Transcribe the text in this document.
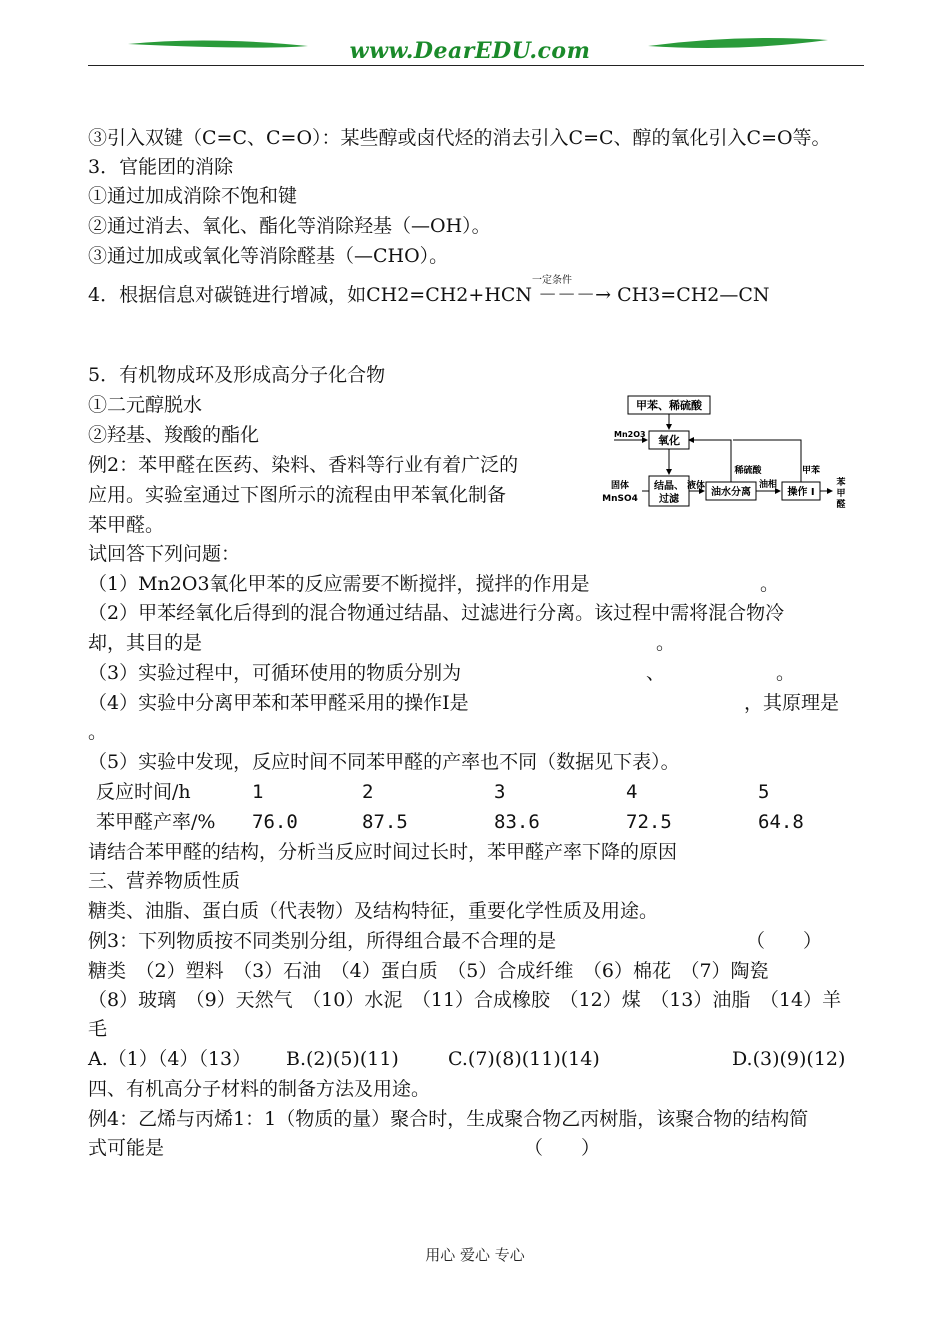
www.DearEDU.com
③引入双键（C=C、C=O）：某些醇或卤代烃的消去引入C=C、醇的氧化引入C=O等。
3．官能团的消除
①通过加成消除不饱和键
②通过消去、氧化、酯化等消除羟基（—OH）。
③通过加成或氧化等消除醛基（—CHO）。
4．根据信息对碳链进行增减，如CH2=CH2+HCN －－－→ CH3=CH2—CN
一定条件
5．有机物成环及形成高分子化合物
①二元醇脱水
②羟基、羧酸的酯化
例2：苯甲醛在医药、染料、香料等行业有着广泛的
应用。实验室通过下图所示的流程由甲苯氧化制备
苯甲醛。
试回答下列问题：
甲苯、稀硫酸
氧化
Mn2O3
结晶、
过滤
固体
MnSO4
液体
油水分离
油相
操作 I
苯
甲
醛
稀硫酸	甲苯
（1）Mn2O3氧化甲苯的反应需要不断搅拌，搅拌的作用是	。
（2）甲苯经氧化后得到的混合物通过结晶、过滤进行分离。该过程中需将混合物冷
却，其目的是	。
（3）实验过程中，可循环使用的物质分别为	、	。
（4）实验中分离甲苯和苯甲醛采用的操作I是	，其原理是
。
（5）实验中发现，反应时间不同苯甲醛的产率也不同（数据见下表）。
反应时间/h	1	2	3	4	5
苯甲醛产率/% 76.0	87.5	83.6	72.5	64.8
请结合苯甲醛的结构，分析当反应时间过长时，苯甲醛产率下降的原因
三、营养物质性质
糖类、油脂、蛋白质（代表物）及结构特征，重要化学性质及用途。
例3：下列物质按不同类别分组，所得组合最不合理的是	（　　）
糖类　（2）塑料　（3）石油　（4）蛋白质　（5）合成纤维　（6）棉花　（7）陶瓷
（8）玻璃　（9）天然气　（10）水泥　（11）合成橡胶　（12）煤　（13）油脂　（14）羊
毛
A.（1）（4）（13） B.(2)(5)(11)	C.(7)(8)(11)(14)	D.(3)(9)(12)
四、有机高分子材料的制备方法及用途。
例4：乙烯与丙烯1：1（物质的量）聚合时，生成聚合物乙丙树脂，该聚合物的结构简
式可能是	（　　）
用心 爱心 专心
